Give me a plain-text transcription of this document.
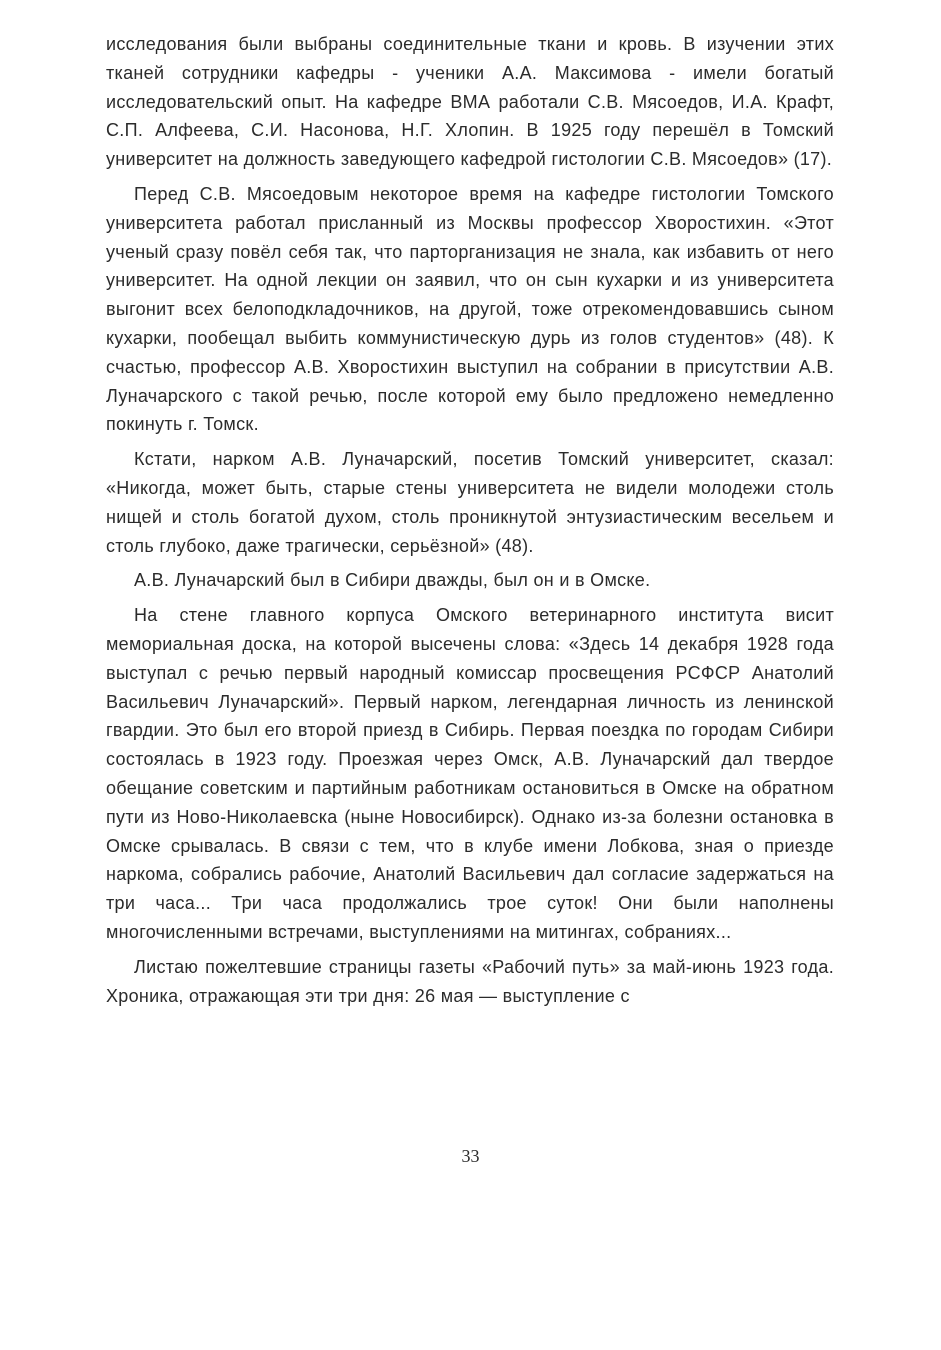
исследования были выбраны соединительные ткани и кровь. В изучении этих тканей сотрудники кафедры - ученики А.А. Максимова - имели богатый исследовательский опыт. На кафедре ВМА работали С.В. Мясоедов, И.А. Крафт, С.П. Алфеева, С.И. Насонова, Н.Г. Хлопин. В 1925 году перешёл в Томский университет на должность заведующего кафедрой гистологии С.В. Мясоедов» (17).

Перед С.В. Мясоедовым некоторое время на кафедре гистологии Томского университета работал присланный из Москвы профессор Хворостихин. «Этот ученый сразу повёл себя так, что парторганизация не знала, как избавить от него университет. На одной лекции он заявил, что он сын кухарки и из университета выгонит всех белоподкладочников, на другой, тоже отрекомендовавшись сыном кухарки, пообещал выбить коммунистическую дурь из голов студентов» (48). К счастью, профессор А.В. Хворостихин выступил на собрании в присутствии А.В. Луначарского с такой речью, после которой ему было предложено немедленно покинуть г. Томск.

Кстати, нарком А.В. Луначарский, посетив Томский университет, сказал: «Никогда, может быть, старые стены университета не видели молодежи столь нищей и столь богатой духом, столь проникнутой энтузиастическим весельем и столь глубоко, даже трагически, серьёзной» (48).

А.В. Луначарский был в Сибири дважды, был он и в Омске.

На стене главного корпуса Омского ветеринарного института висит мемориальная доска, на которой высечены слова: «Здесь 14 декабря 1928 года выступал с речью первый народный комиссар просвещения РСФСР Анатолий Васильевич Луначарский». Первый нарком, легендарная личность из ленинской гвардии. Это был его второй приезд в Сибирь. Первая поездка по городам Сибири состоялась в 1923 году. Проезжая через Омск, А.В. Луначарский дал твердое обещание советским и партийным работникам остановиться в Омске на обратном пути из Ново-Николаевска (ныне Новосибирск). Однако из-за болезни остановка в Омске срывалась. В связи с тем, что в клубе имени Лобкова, зная о приезде наркома, собрались рабочие, Анатолий Васильевич дал согласие задержаться на три часа... Три часа продолжались трое суток! Они были наполнены многочисленными встречами, выступлениями на митингах, собраниях...

Листаю пожелтевшие страницы газеты «Рабочий путь» за май-июнь 1923 года. Хроника, отражающая эти три дня: 26 мая — выступление с

33
